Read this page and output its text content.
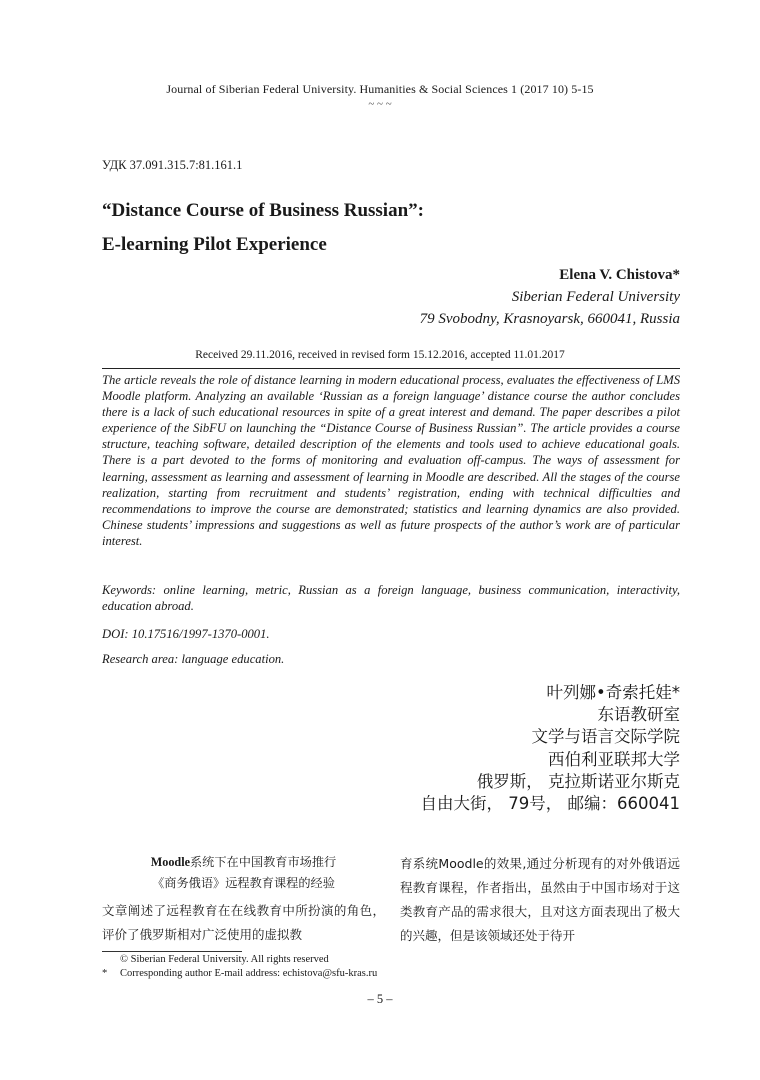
Journal of Siberian Federal University. Humanities & Social Sciences 1 (2017 10) 5-15
~ ~ ~
УДК 37.091.315.7:81.161.1
“Distance Course of Business Russian”:
E-learning Pilot Experience
Elena V. Chistova*
Siberian Federal University
79 Svobodny, Krasnoyarsk, 660041, Russia
Received 29.11.2016, received in revised form 15.12.2016, accepted 11.01.2017

The article reveals the role of distance learning in modern educational process, evaluates the effectiveness of LMS Moodle platform. Analyzing an available ‘Russian as a foreign language’ distance course the author concludes there is a lack of such educational resources in spite of a great interest and demand. The paper describes a pilot experience of the SibFU on launching the “Distance Course of Business Russian”. The article provides a course structure, teaching software, detailed description of the elements and tools used to achieve educational goals. There is a part devoted to the forms of monitoring and evaluation off-campus. The ways of assessment for learning, assessment as learning and assessment of learning in Moodle are described. All the stages of the course realization, starting from recruitment and students’ registration, ending with technical difficulties and recommendations to improve the course are demonstrated; statistics and learning dynamics are also provided. Chinese students’ impressions and suggestions as well as future prospects of the author’s work are of particular interest.

Keywords: online learning, metric, Russian as a foreign language, business communication, interactivity, education abroad.
DOI: 10.17516/1997-1370-0001.
Research area: language education.
叶列娜•奇索托娃*
东语教研室
文学与语言交际学院
西伯利亚联邦大学
俄罗斯， 克拉斯诺亚尔斯克
自由大街， 79号， 邮编：660041
Moodle系统下在中国教育市场推行
《商务俄语》远程教育课程的经验
文章阐述了远程教育在在线教育中所扮演的角色，评价了俄罗斯相对广泛使用的虚拟教
育系统Moodle的效果,通过分析现有的对外俄语远程教育课程，作者指出，虽然由于中国市场对于这类教育产品的需求很大，且对这方面表现出了极大的兴趣，但是该领域还处于待开
© Siberian Federal University. All rights reserved
* Corresponding author E-mail address: echistova@sfu-kras.ru
– 5 –
